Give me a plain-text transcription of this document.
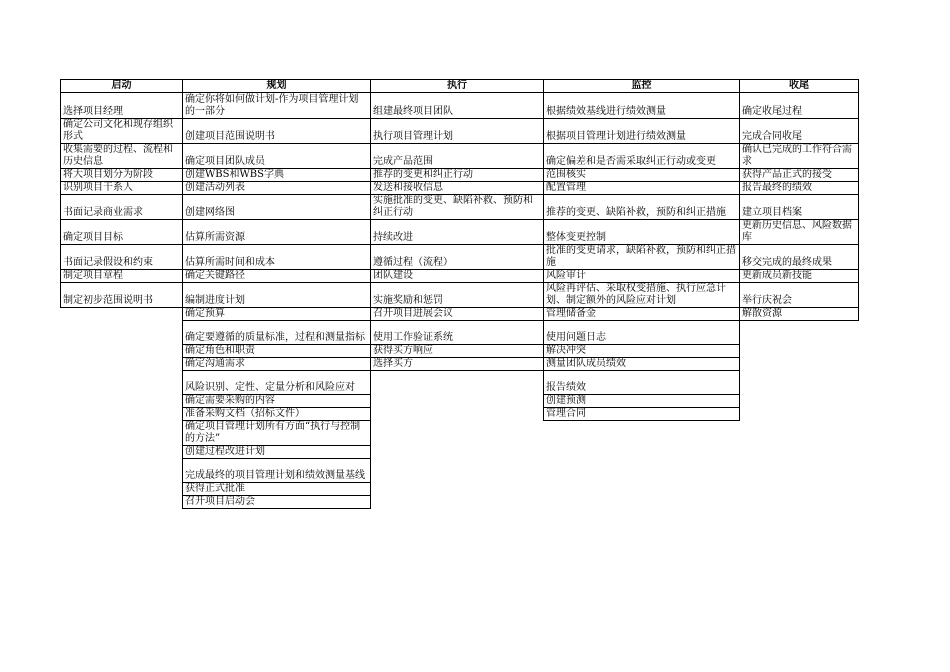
启动	规划	执行	监控	收尾

选择项目经理	确定你将如何做计划-作为项目管理计划的一部分	组建最终项目团队	根据绩效基线进行绩效测量	确定收尾过程

确定公司文化和现存组织形式	创建项目范围说明书	执行项目管理计划	根据项目管理计划进行绩效测量	完成合同收尾

收集需要的过程、流程和历史信息	确定项目团队成员	完成产品范围	确定偏差和是否需采取纠正行动或变更	确认已完成的工作符合需求

将大项目划分为阶段	创建WBS和WBS字典	推荐的变更和纠正行动	范围核实	获得产品正式的接受

识别项目干系人	创建活动列表	发送和接收信息	配置管理	报告最终的绩效

书面记录商业需求	创建网络图	实施批准的变更、缺陷补救、预防和纠正行动	推荐的变更、缺陷补救，预防和纠正措施	建立项目档案

确定项目目标	估算所需资源	持续改进	整体变更控制	更新历史信息、风险数据库

书面记录假设和约束	估算所需时间和成本	遵循过程（流程）	批准的变更请求，缺陷补救，预防和纠正措施	移交完成的最终成果

制定项目章程	确定关键路径	团队建设	风险审计	更新成员新技能

制定初步范围说明书	编制进度计划	实施奖励和惩罚	风险再评估、采取权变措施、执行应急计划、制定额外的风险应对计划	举行庆祝会

	确定预算	召开项目进展会议	管理储备金	解散资源

	确定要遵循的质量标准，过程和测量指标	使用工作验证系统	使用问题日志	

	确定角色和职责	获得买方响应	解决冲突	

	确定沟通需求	选择买方	测量团队成员绩效	

	风险识别、定性、定量分析和风险应对		报告绩效	

	确定需要采购的内容		创建预测	

	准备采购文档（招标文件）		管理合同	

	确定项目管理计划所有方面“执行与控制的方法”			

	创建过程改进计划			

	完成最终的项目管理计划和绩效测量基线			

	获得正式批准			

	召开项目启动会			
